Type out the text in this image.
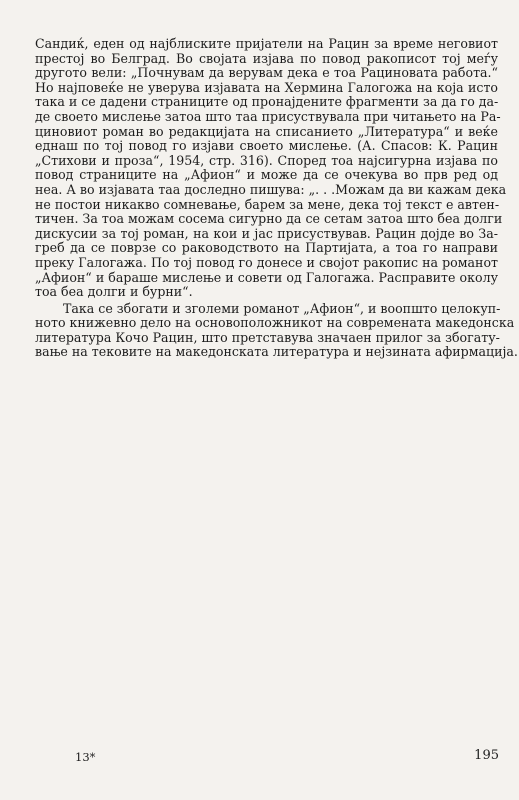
Сандиќ, еден од најблиските пријатели на Рацин за време неговиот
престој во Белград. Во својата изјава по повод ракописот тој меѓу
другото вели: „Почнувам да верувам дека е тоа Рациновата работа.“
Но најповеќе не уверува изјавата на Хермина Галогожа на која исто
така и се дадени страниците од пронајдените фрагменти за да го да-
де своето мислење затоа што таа присуствувала при читањето на Ра-
циновиот роман во редакцијата на списанието „Литература“ и веќе
еднаш по тој повод го изјави своето мислење. (А. Спасов: К. Рацин
„Стихови и проза“, 1954, стр. 316). Според тоа најсигурна изјава по
повод страниците на „Афион“ и може да се очекува во прв ред од
неа. А во изјавата таа доследно пишува: „. . .Можам да ви кажам дека
не постои никакво сомневање, барем за мене, дека тој текст е автен-
тичен. За тоа можам сосема сигурно да се сетам затоа што беа долги
дискусии за тој роман, на кои и јас присуствував. Рацин дојде во За-
греб да се поврзе со раководството на Партијата, а тоа го направи
преку Галогажа. По тој повод го донесе и својот ракопис на романот
„Афион“ и бараше мислење и совети од Галогажа. Расправите околу
тоа беа долги и бурни“.
Така се збогати и зголеми романот „Афион“, и воопшто целокуп-
ното книжевно дело на основоположникот на современата македонска
литература Кочо Рацин, што претставува значаен прилог за збогату-
вање на тековите на македонската литература и нејзината афирмација.
13*	195
